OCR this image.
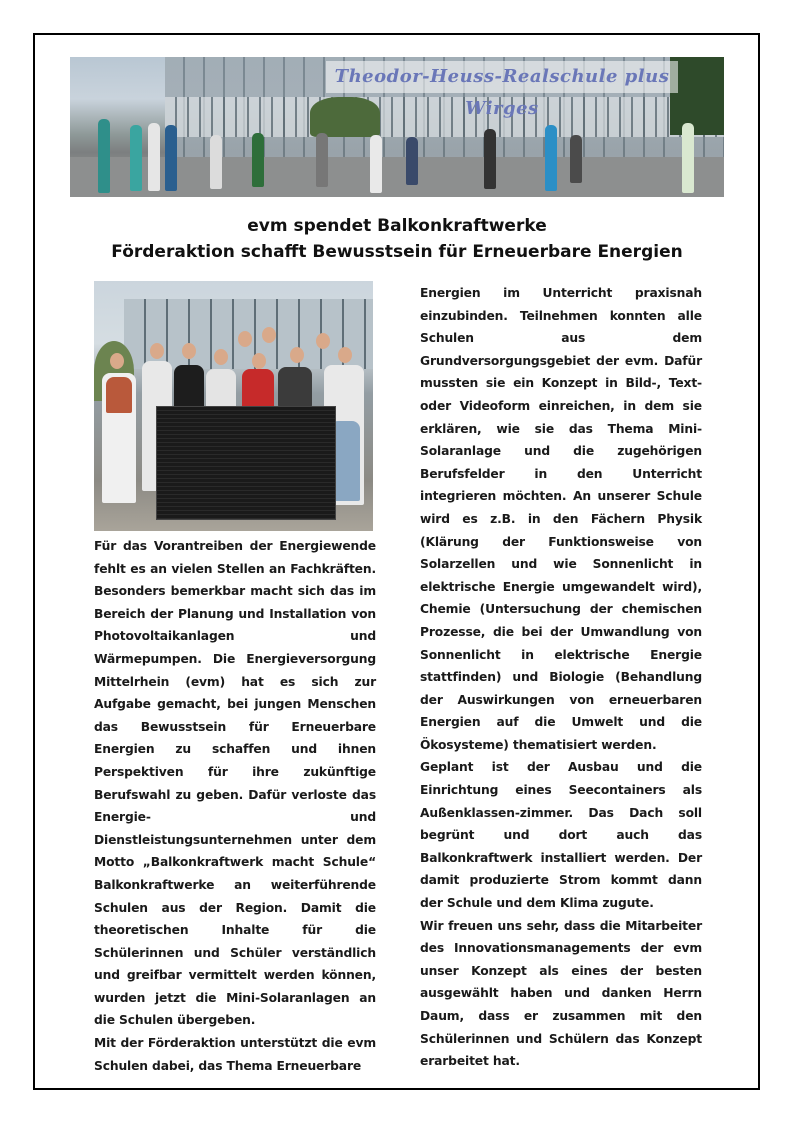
Theodor-Heuss-Realschule plus Wirges
evm spendet Balkonkraftwerke
Förderaktion schafft Bewusstsein für Erneuerbare Energien

Für das Vorantreiben der Energiewende fehlt es an vielen Stellen an Fachkräften. Besonders bemerkbar macht sich das im Bereich der Planung und Installation von Photovoltaikanlagen und Wärmepumpen. Die Energieversorgung Mittelrhein (evm) hat es sich zur Aufgabe gemacht, bei jungen Menschen das Bewusstsein für Erneuerbare Energien zu schaffen und ihnen Perspektiven für ihre zukünftige Berufswahl zu geben. Dafür verloste das Energie- und Dienstleistungsunternehmen unter dem Motto „Balkonkraftwerk macht Schule“ Balkonkraftwerke an weiterführende Schulen aus der Region. Damit die theoretischen Inhalte für die Schülerinnen und Schüler verständlich und greifbar vermittelt werden können, wurden jetzt die Mini-Solaranlagen an die Schulen übergeben.

Mit der Förderaktion unterstützt die evm Schulen dabei, das Thema Erneuerbare

Energien im Unterricht praxisnah einzubinden. Teilnehmen konnten alle Schulen aus dem Grundversorgungsgebiet der evm. Dafür mussten sie ein Konzept in Bild-, Text- oder Videoform einreichen, in dem sie erklären, wie sie das Thema Mini-Solaranlage und die zugehörigen Berufsfelder in den Unterricht integrieren möchten. An unserer Schule wird es z.B. in den Fächern Physik (Klärung der Funktionsweise von Solarzellen und wie Sonnenlicht in elektrische Energie umgewandelt wird), Chemie (Untersuchung der chemischen Prozesse, die bei der Umwandlung von Sonnenlicht in elektrische Energie stattfinden) und Biologie (Behandlung der Auswirkungen von erneuerbaren Energien auf die Umwelt und die Ökosysteme) thematisiert werden.

Geplant ist der Ausbau und die Einrichtung eines Seecontainers als Außenklassen-zimmer. Das Dach soll begrünt und dort auch das Balkonkraftwerk installiert werden. Der damit produzierte Strom kommt dann der Schule und dem Klima zugute.

Wir freuen uns sehr, dass die Mitarbeiter des Innovationsmanagements der evm unser Konzept als eines der besten ausgewählt haben und danken Herrn Daum, dass er zusammen mit den Schülerinnen und Schülern das Konzept erarbeitet hat.
